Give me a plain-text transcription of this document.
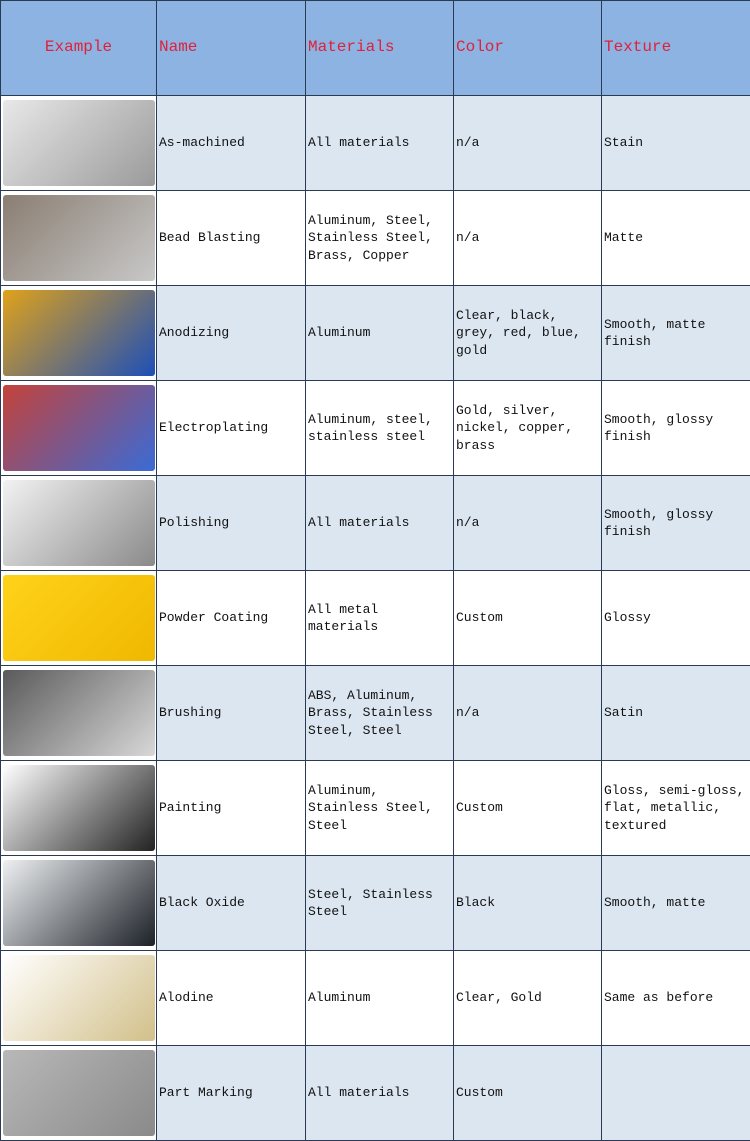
Example	Name	Materials	Color	Texture

	As-machined	All materials	n/a	Stain

	Bead Blasting	Aluminum, Steel, Stainless Steel, Brass, Copper	n/a	Matte

	Anodizing	Aluminum	Clear, black, grey, red, blue, gold	Smooth, matte finish

	Electroplating	Aluminum, steel, stainless steel	Gold, silver, nickel, copper, brass	Smooth, glossy finish

	Polishing	All materials	n/a	Smooth, glossy finish

	Powder Coating	All metal materials	Custom	Glossy

	Brushing	ABS, Aluminum, Brass, Stainless Steel, Steel	n/a	Satin

	Painting	Aluminum, Stainless Steel, Steel	Custom	Gloss, semi-gloss, flat, metallic, textured

	Black Oxide	Steel, Stainless Steel	Black	Smooth, matte

	Alodine	Aluminum	Clear, Gold	Same as before

	Part Marking	All materials	Custom	
